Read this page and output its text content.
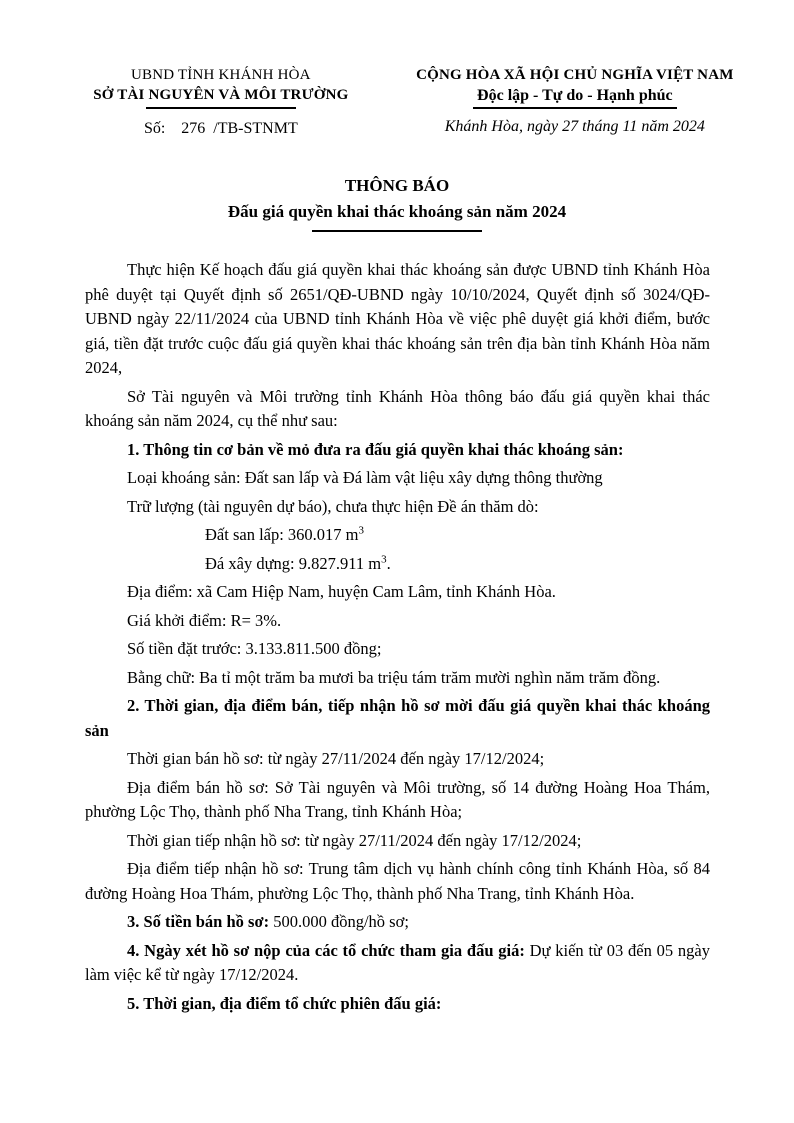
UBND TỈNH KHÁNH HÒA
SỞ TÀI NGUYÊN VÀ MÔI TRƯỜNG
Số:    276  /TB-STNMT
CỘNG HÒA XÃ HỘI CHỦ NGHĨA VIỆT NAM
Độc lập - Tự do - Hạnh phúc
Khánh Hòa, ngày 27 tháng 11 năm 2024
THÔNG BÁO
Đấu giá quyền khai thác khoáng sản năm 2024

Thực hiện Kế hoạch đấu giá quyền khai thác khoáng sản được UBND tỉnh Khánh Hòa phê duyệt tại Quyết định số 2651/QĐ-UBND ngày 10/10/2024, Quyết định số 3024/QĐ-UBND ngày 22/11/2024 của UBND tỉnh Khánh Hòa về việc phê duyệt giá khởi điểm, bước giá, tiền đặt trước cuộc đấu giá quyền khai thác khoáng sản trên địa bàn tỉnh Khánh Hòa năm 2024,

Sở Tài nguyên và Môi trường tỉnh Khánh Hòa thông báo đấu giá quyền khai thác khoáng sản năm 2024, cụ thể như sau:

1. Thông tin cơ bản về mỏ đưa ra đấu giá quyền khai thác khoáng sản:

Loại khoáng sản: Đất san lấp và Đá làm vật liệu xây dựng thông thường

Trữ lượng (tài nguyên dự báo), chưa thực hiện Đề án thăm dò:

Đất san lấp: 360.017 $m^3$

Đá xây dựng: 9.827.911 $m^3$.

Địa điểm: xã Cam Hiệp Nam, huyện Cam Lâm, tỉnh Khánh Hòa.

Giá khởi điểm: R= 3%.

Số tiền đặt trước: 3.133.811.500 đồng;

Bằng chữ: Ba tỉ một trăm ba mươi ba triệu tám trăm mười nghìn năm trăm đồng.

2. Thời gian, địa điểm bán, tiếp nhận hồ sơ mời đấu giá quyền khai thác khoáng sản

Thời gian bán hồ sơ: từ ngày 27/11/2024 đến ngày 17/12/2024;

Địa điểm bán hồ sơ: Sở Tài nguyên và Môi trường, số 14 đường Hoàng Hoa Thám, phường Lộc Thọ, thành phố Nha Trang, tỉnh Khánh Hòa;

Thời gian tiếp nhận hồ sơ: từ ngày 27/11/2024 đến ngày 17/12/2024;

Địa điểm tiếp nhận hồ sơ: Trung tâm dịch vụ hành chính công tỉnh Khánh Hòa, số 84 đường Hoàng Hoa Thám, phường Lộc Thọ, thành phố Nha Trang, tỉnh Khánh Hòa.

3. Số tiền bán hồ sơ: 500.000 đồng/hồ sơ;

4. Ngày xét hồ sơ nộp của các tổ chức tham gia đấu giá: Dự kiến từ 03 đến 05 ngày làm việc kể từ ngày 17/12/2024.

5. Thời gian, địa điểm tổ chức phiên đấu giá:
